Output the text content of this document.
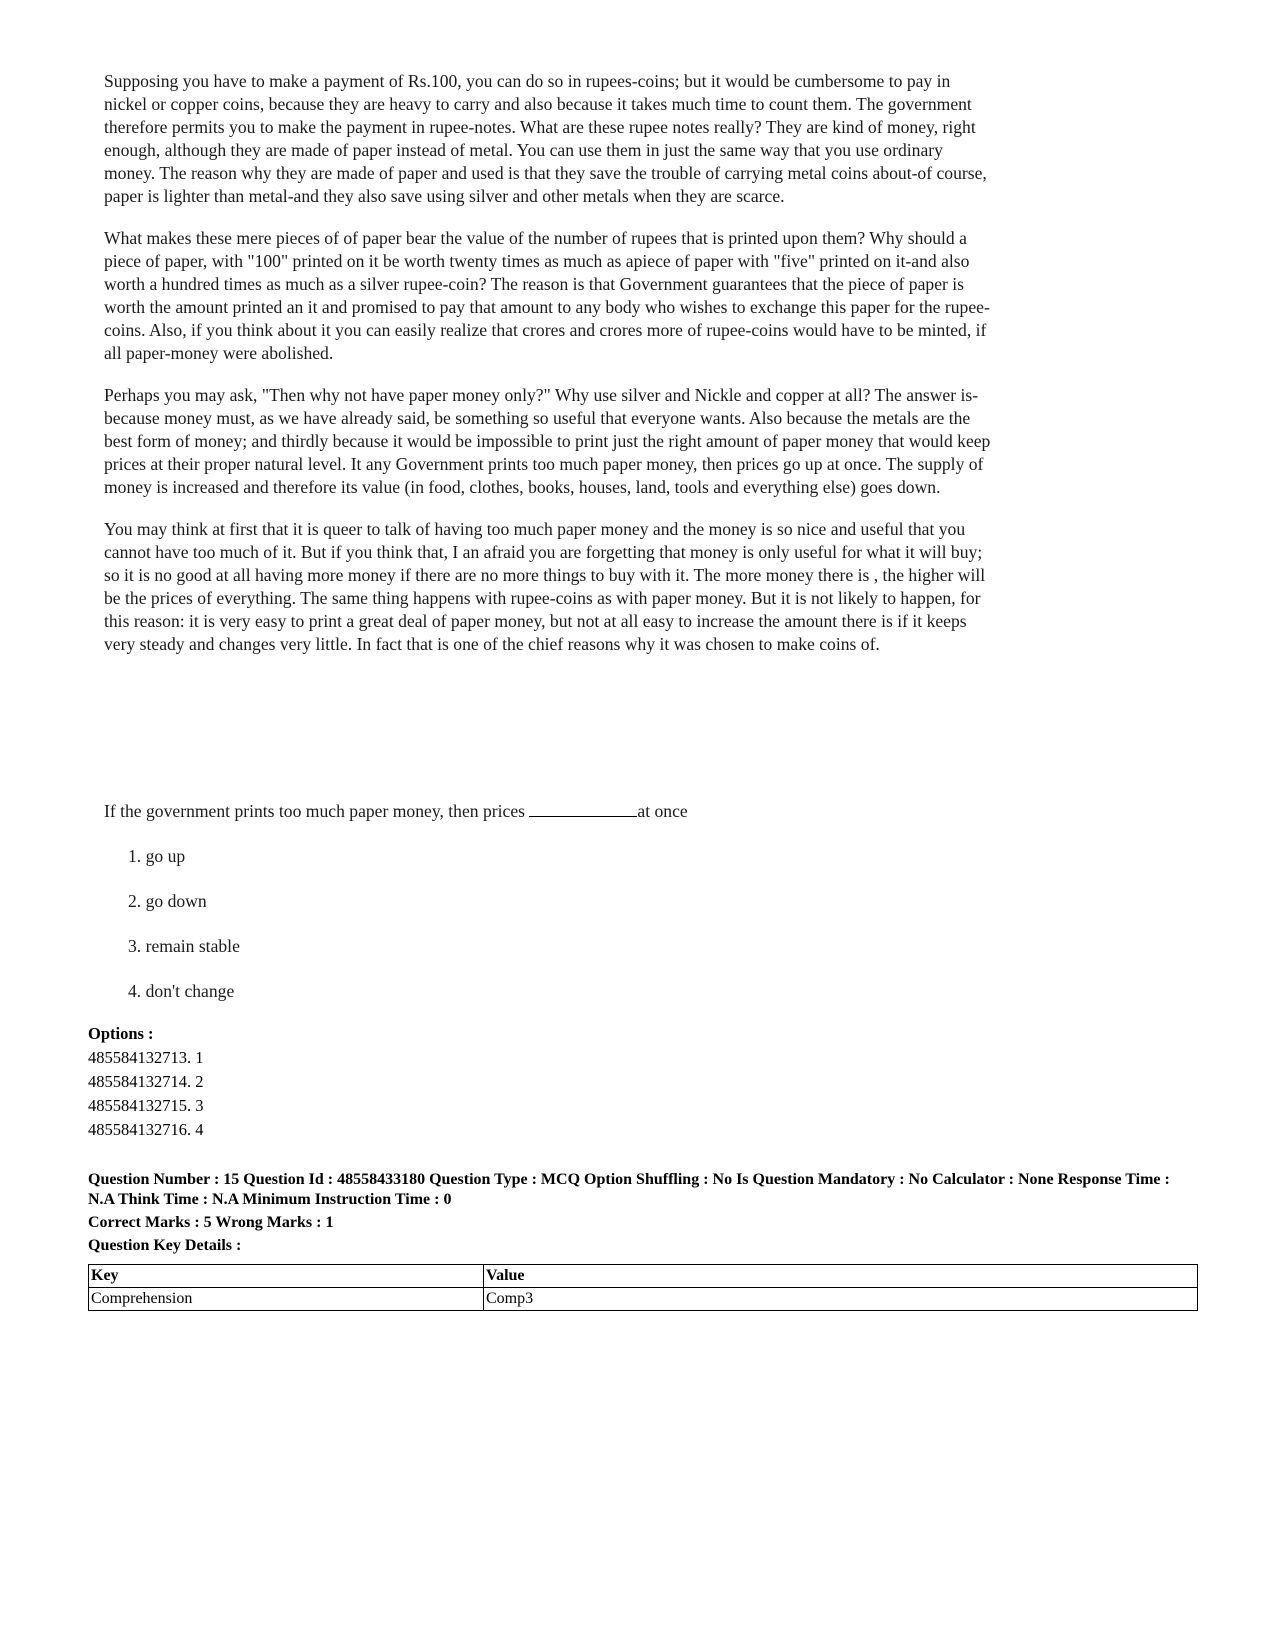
Supposing you have to make a payment of Rs.100, you can do so in rupees-coins; but it would be cumbersome to pay in nickel or copper coins, because they are heavy to carry and also because it takes much time to count them. The government therefore permits you to make the payment in rupee-notes. What are these rupee notes really? They are kind of money, right enough, although they are made of paper instead of metal. You can use them in just the same way that you use ordinary money. The reason why they are made of paper and used is that they save the trouble of carrying metal coins about-of course, paper is lighter than metal-and they also save using silver and other metals when they are scarce.

What makes these mere pieces of of paper bear the value of the number of rupees that is printed upon them? Why should a piece of paper, with "100" printed on it be worth twenty times as much as apiece of paper with "five" printed on it-and also worth a hundred times as much as a silver rupee-coin? The reason is that Government guarantees that the piece of paper is worth the amount printed an it and promised to pay that amount to any body who wishes to exchange this paper for the rupee-coins. Also, if you think about it you can easily realize that crores and crores more of rupee-coins would have to be minted, if all paper-money were abolished.

Perhaps you may ask, "Then why not have paper money only?" Why use silver and Nickle and copper at all? The answer is-because money must, as we have already said, be something so useful that everyone wants. Also because the metals are the best form of money; and thirdly because it would be impossible to print just the right amount of paper money that would keep prices at their proper natural level. It any Government prints too much paper money, then prices go up at once. The supply of money is increased and therefore its value (in food, clothes, books, houses, land, tools and everything else) goes down.

You may think at first that it is queer to talk of having too much paper money and the money is so nice and useful that you cannot have too much of it. But if you think that, I an afraid you are forgetting that money is only useful for what it will buy; so it is no good at all having more money if there are no more things to buy with it. The more money there is , the higher will be the prices of everything. The same thing happens with rupee-coins as with paper money. But it is not likely to happen, for this reason: it is very easy to print a great deal of paper money, but not at all easy to increase the amount there is if it keeps very steady and changes very little. In fact that is one of the chief reasons why it was chosen to make coins of.

If the government prints too much paper money, then prices	at once
1. go up
2. go down
3. remain stable
4. don't change
Options :
485584132713. 1
485584132714. 2
485584132715. 3
485584132716. 4
Question Number : 15 Question Id : 48558433180 Question Type : MCQ Option Shuffling : No Is Question Mandatory : No Calculator : None Response Time : N.A Think Time : N.A Minimum Instruction Time : 0
Correct Marks : 5 Wrong Marks : 1
Question Key Details :
Key	Value
Comprehension	Comp3
